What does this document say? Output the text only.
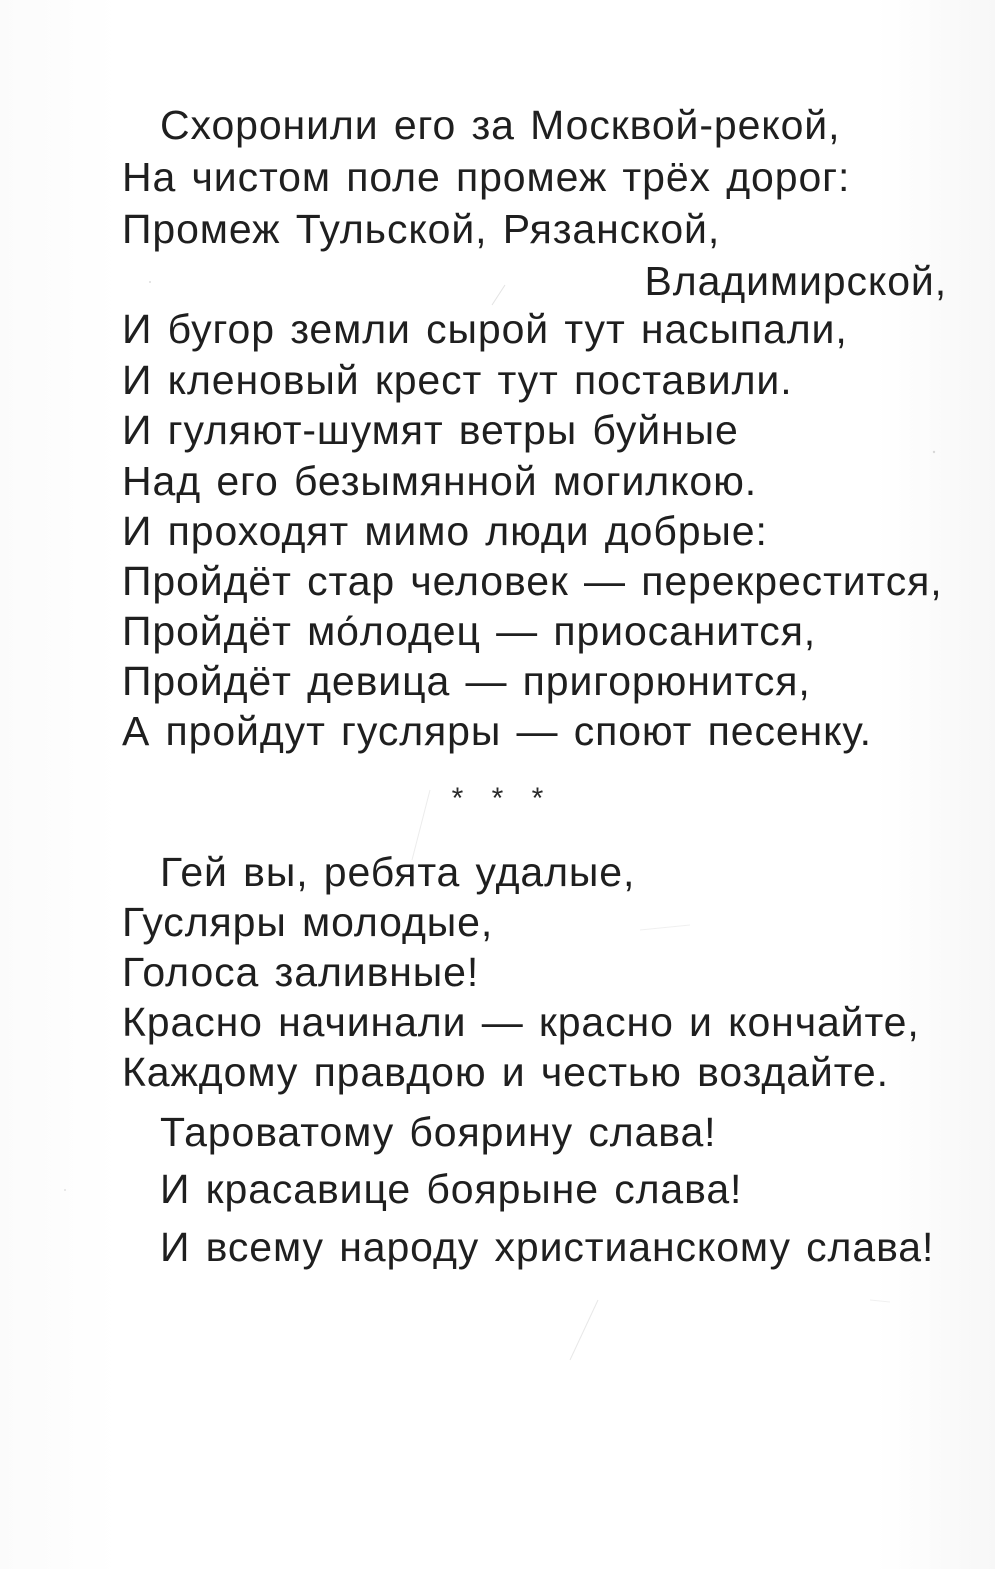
Схоронили его за Москвой-рекой,
На чистом поле промеж трёх дорог:
Промеж Тульской, Рязанской,
Владимирской,
И бугор земли сырой тут насыпали,
И кленовый крест тут поставили.
И гуляют-шумят ветры буйные
Над его безымянной могилкою.
И проходят мимо люди добрые:
Пройдёт стар человек — перекрестится,
Пройдёт мо́лодец — приосанится,
Пройдёт девица — пригорюнится,
А пройдут гусляры — споют песенку.
* * *
Гей вы, ребята удалые,
Гусляры молодые,
Голоса заливные!
Красно начинали — красно и кончайте,
Каждому правдою и честью воздайте.
Тароватому боярину слава!
И красавице боярыне слава!
И всему народу христианскому слава!
